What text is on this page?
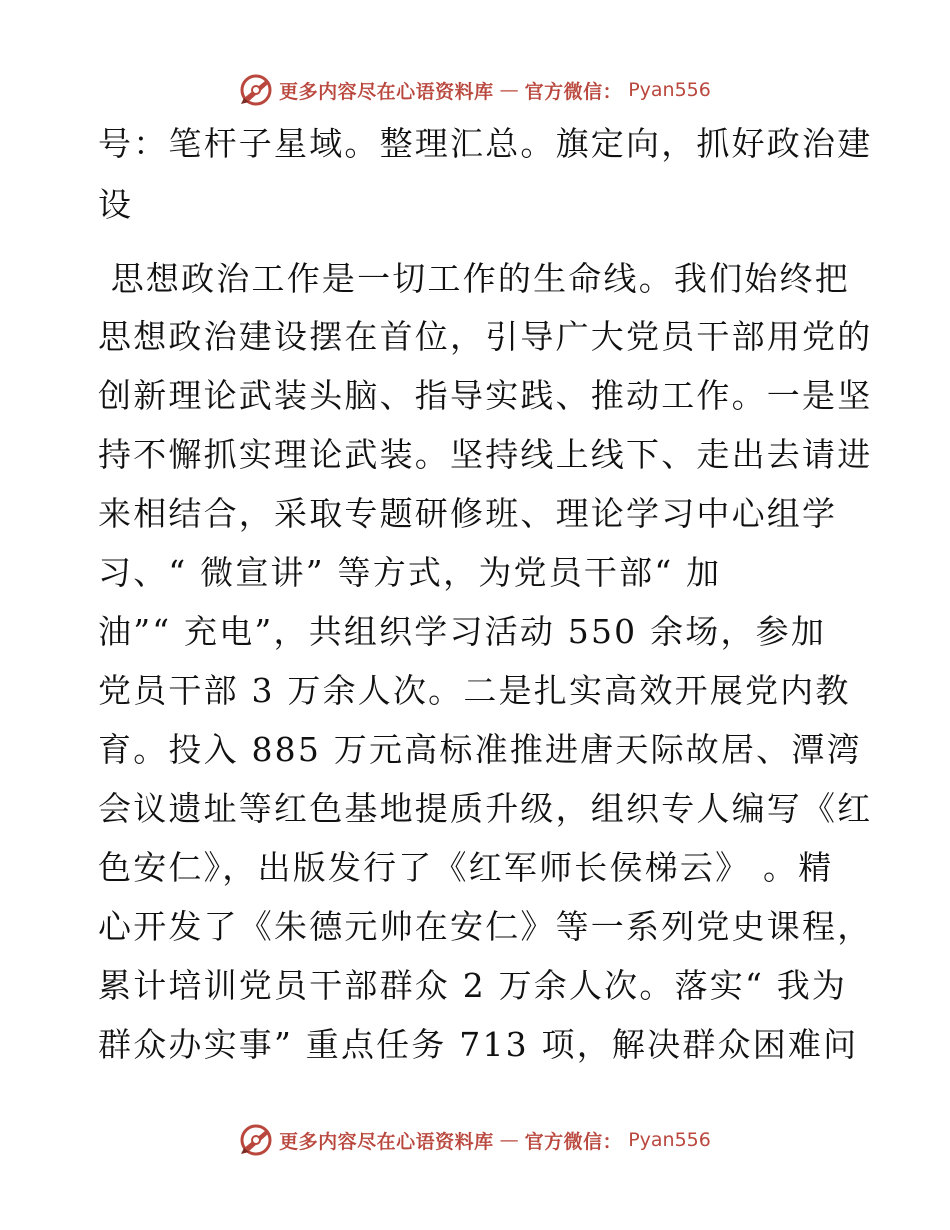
更多内容尽在心语资料库 — 官方微信： Pyan556
号：笔杆子星域。整理汇总。旗定向，抓好政治建
设
思想政治工作是一切工作的生命线。我们始终把
思想政治建设摆在首位，引导广大党员干部用党的
创新理论武装头脑、指导实践、推动工作。一是坚
持不懈抓实理论武装。坚持线上线下、走出去请进
来相结合，采取专题研修班、理论学习中心组学
习、“ 微宣讲” 等方式，为党员干部“ 加
油”“ 充电”，共组织学习活动 550 余场，参加
党员干部 3 万余人次。二是扎实高效开展党内教
育。投入 885 万元高标准推进唐天际故居、潭湾
会议遗址等红色基地提质升级，组织专人编写《红
色安仁》，出版发行了《红军师长侯梯云》 。精
心开发了《朱德元帅在安仁》等一系列党史课程，
累计培训党员干部群众 2 万余人次。落实“ 我为
群众办实事” 重点任务 713 项，解决群众困难问
更多内容尽在心语资料库 — 官方微信： Pyan556
